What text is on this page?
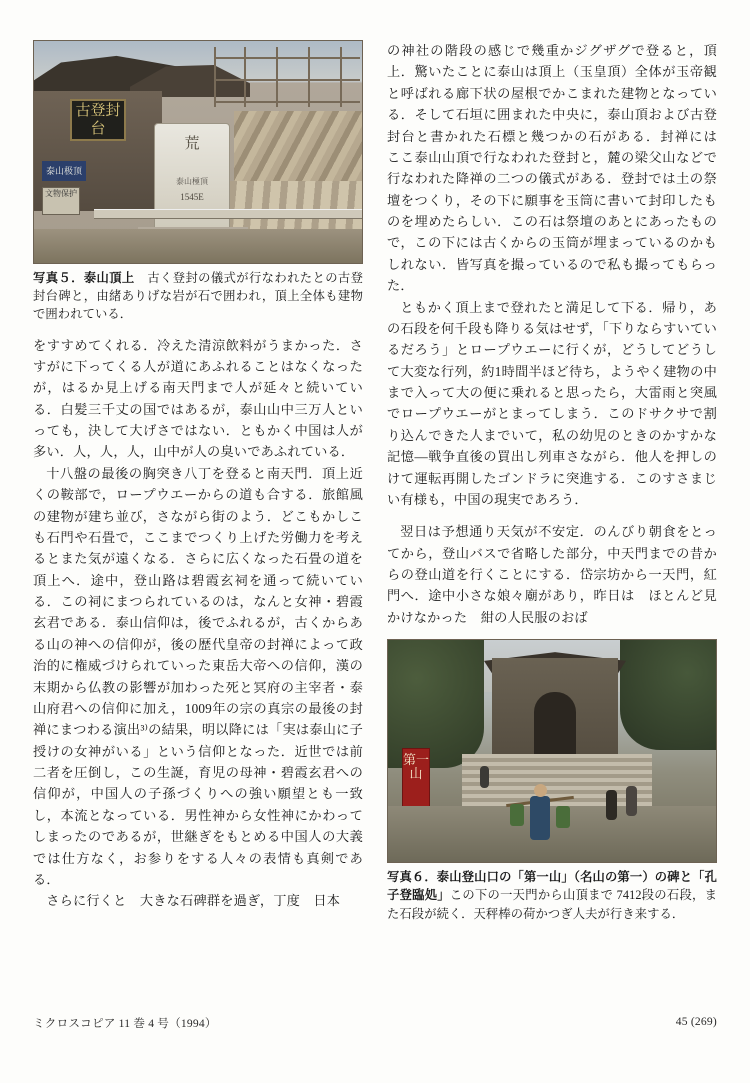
古登封台
泰山极顶
文物保护
荒
泰山極頂
1545E

写真５．泰山頂上　古く登封の儀式が行なわれたとの古登封台碑と，由緒ありげな岩が石で囲われ，頂上全体も建物で囲われている．

をすすめてくれる．冷えた清涼飲料がうまかった．さすがに下ってくる人が道にあふれることはなくなったが，はるか見上げる南天門まで人が延々と続いている．白髪三千丈の国ではあるが，泰山山中三万人といっても，決して大げさではない．ともかく中国は人が多い．人，人，人，山中が人の臭いであふれている．

十八盤の最後の胸突き八丁を登ると南天門．頂上近くの鞍部で，ロープウエーからの道も合する．旅館風の建物が建ち並び，さながら街のよう．どこもかしこも石門や石畳で，ここまでつくり上げた労働力を考えるとまた気が遠くなる．さらに広くなった石畳の道を頂上へ．途中，登山路は碧霞玄祠を通って続いている．この祠にまつられているのは，なんと女神・碧霞玄君である．泰山信仰は，後でふれるが，古くからある山の神への信仰が，後の歴代皇帝の封禅によって政治的に権威づけられていった東岳大帝への信仰，漢の末期から仏教の影響が加わった死と冥府の主宰者・泰山府君への信仰に加え，1009年の宗の真宗の最後の封禅にまつわる演出³⁾の結果，明以降には「実は泰山に子授けの女神がいる」という信仰となった．近世では前二者を圧倒し，この生誕，育児の母神・碧霞玄君への信仰が，中国人の子孫づくりへの強い願望とも一致し，本流となっている．男性神から女性神にかわってしまったのであるが，世継ぎをもとめる中国人の大義では仕方なく，お参りをする人々の表情も真剣である．

さらに行くと　大きな石碑群を過ぎ，丁度　日本

の神社の階段の感じで幾重かジグザグで登ると，頂上．驚いたことに泰山は頂上（玉皇頂）全体が玉帝観と呼ばれる廊下状の屋根でかこまれた建物となっている．そして石垣に囲まれた中央に，泰山頂および古登封台と書かれた石標と幾つかの石がある．封禅には　ここ泰山山頂で行なわれた登封と，麓の梁父山などで行なわれた降禅の二つの儀式がある．登封では土の祭壇をつくり，その下に願事を玉筒に書いて封印したものを埋めたらしい．この石は祭壇のあとにあったもので，この下には古くからの玉筒が埋まっているのかもしれない．皆写真を撮っているので私も撮ってもらった．

ともかく頂上まで登れたと満足して下る．帰り，あの石段を何千段も降りる気はせず，「下りならすいているだろう」とロープウエーに行くが，どうしてどうして大変な行列，約1時間半ほど待ち，ようやく建物の中まで入って大の便に乗れると思ったら，大雷雨と突風でロープウエーがとまってしまう．このドサクサで割り込んできた人までいて，私の幼児のときのかすかな記憶—戦争直後の買出し列車さながら．他人を押しのけて運転再開したゴンドラに突進する．このすさまじい有様も，中国の現実であろう．

翌日は予想通り天気が不安定．のんびり朝食をとってから，登山バスで省略した部分，中天門までの昔からの登山道を行くことにする．岱宗坊から一天門，紅門へ．途中小さな娘々廟があり，昨日は　ほとんど見かけなかった　紺の人民服のおば

第一山

写真６．泰山登山口の「第一山」（名山の第一）の碑と「孔子登臨処」この下の一天門から山頂まで 7412段の石段，また石段が続く．天秤棒の荷かつぎ人夫が行き来する．

ミクロスコピア 11 巻 4 号（1994）	45 (269)
